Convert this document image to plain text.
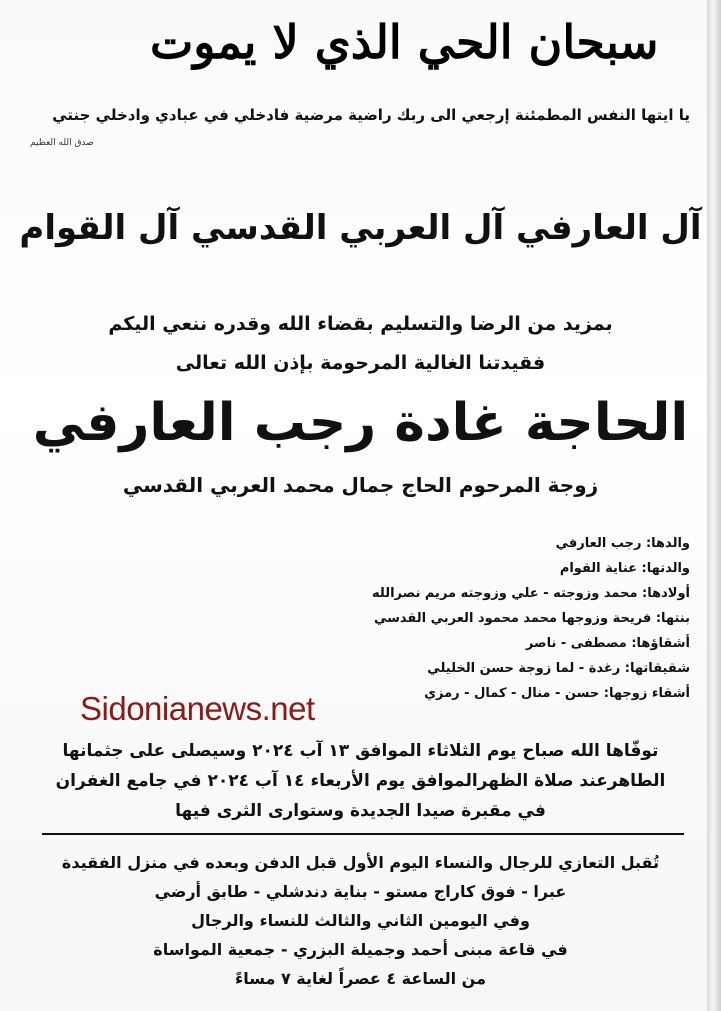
سبحان الحي الذي لا يموت
يا ايتها النفس المطمئنة إرجعي الى ربك راضية مرضية فادخلي في عبادي وادخلي جنتي
صدق الله العظيم
آل العارفي آل العربي القدسي آل القوام
بمزيد من الرضا والتسليم بقضاء الله وقدره ننعي اليكم
فقيدتنا الغالية المرحومة بإذن الله تعالى
الحاجة غادة رجب العارفي
زوجة المرحوم الحاج جمال محمد العربي القدسي
والدها: رجب العارفي
والدتها: عناية القوام
أولادها: محمد وزوجته - علي وزوجته مريم نصرالله
بنتها: فريحة وزوجها محمد محمود العربي القدسي
أشقاؤها: مصطفى - ناصر
شقيقاتها: رغدة - لما زوجة حسن الخليلي
أشقاء زوجها: حسن - منال - كمال - رمزي
Sidonianews.net
توفّاها الله صباح يوم الثلاثاء الموافق ١٣ آب ٢٠٢٤ وسيصلى على جثمانها
الطاهرعند صلاة الظهرالموافق يوم الأربعاء ١٤ آب ٢٠٢٤ في جامع الغفران
في مقبرة صيدا الجديدة وستوارى الثرى فيها
تُقبل التعازي للرجال والنساء اليوم الأول قبل الدفن وبعده في منزل الفقيدة
عبرا - فوق كاراج مستو - بناية دندشلي - طابق أرضي
وفي اليومين الثاني والثالث للنساء والرجال
في قاعة مبنى أحمد وجميلة البزري - جمعية المواساة
من الساعة ٤ عصراً لغاية ٧ مساءً
